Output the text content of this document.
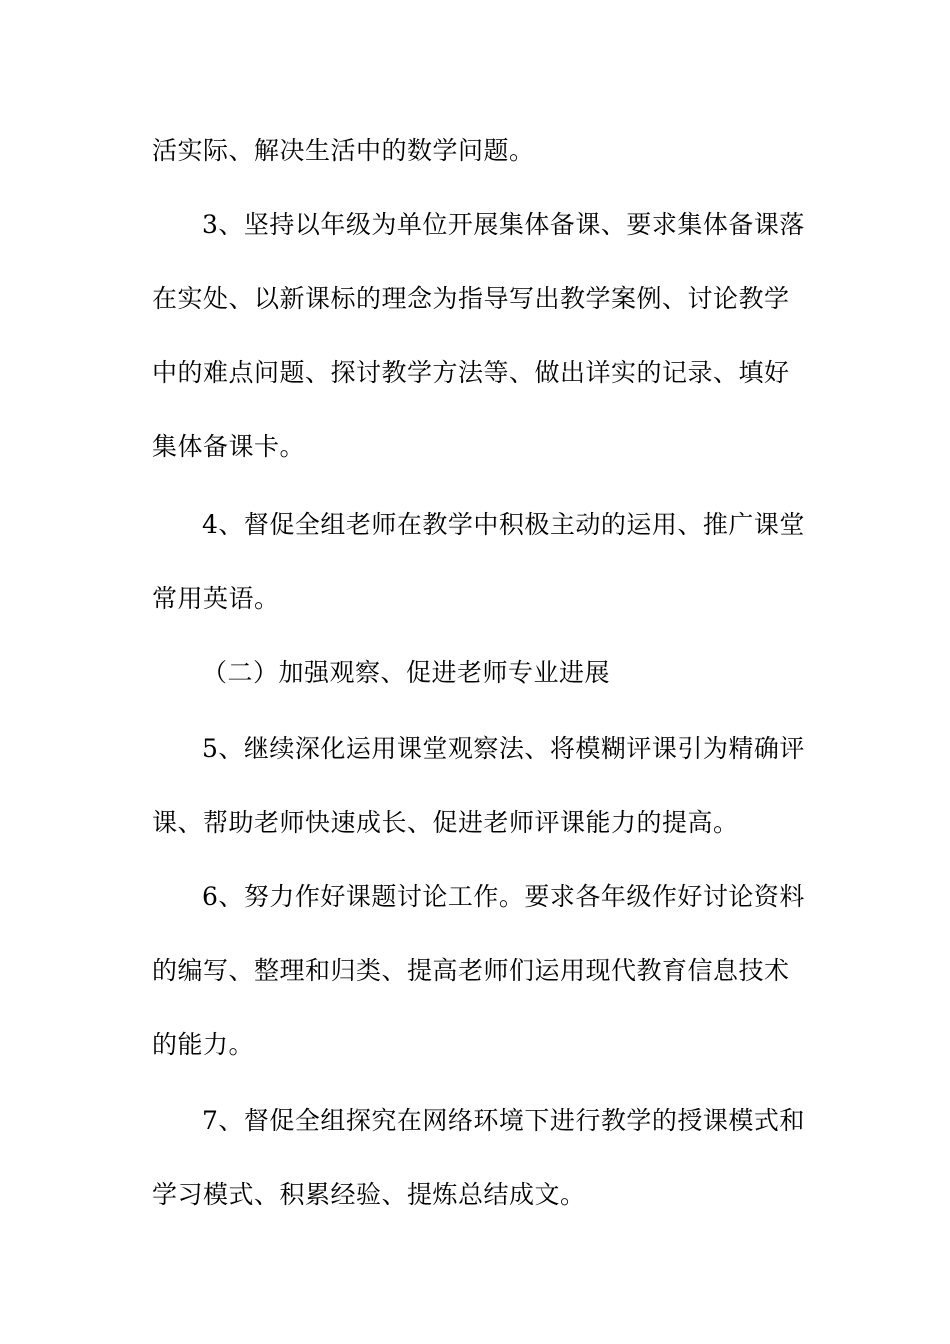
活实际、解决生活中的数学问题。
3、坚持以年级为单位开展集体备课、要求集体备课落
在实处、以新课标的理念为指导写出教学案例、讨论教学
中的难点问题、探讨教学方法等、做出详实的记录、填好
集体备课卡。
4、督促全组老师在教学中积极主动的运用、推广课堂
常用英语。
（二）加强观察、促进老师专业进展
5、继续深化运用课堂观察法、将模糊评课引为精确评
课、帮助老师快速成长、促进老师评课能力的提高。
6、努力作好课题讨论工作。要求各年级作好讨论资料
的编写、整理和归类、提高老师们运用现代教育信息技术
的能力。
7、督促全组探究在网络环境下进行教学的授课模式和
学习模式、积累经验、提炼总结成文。
